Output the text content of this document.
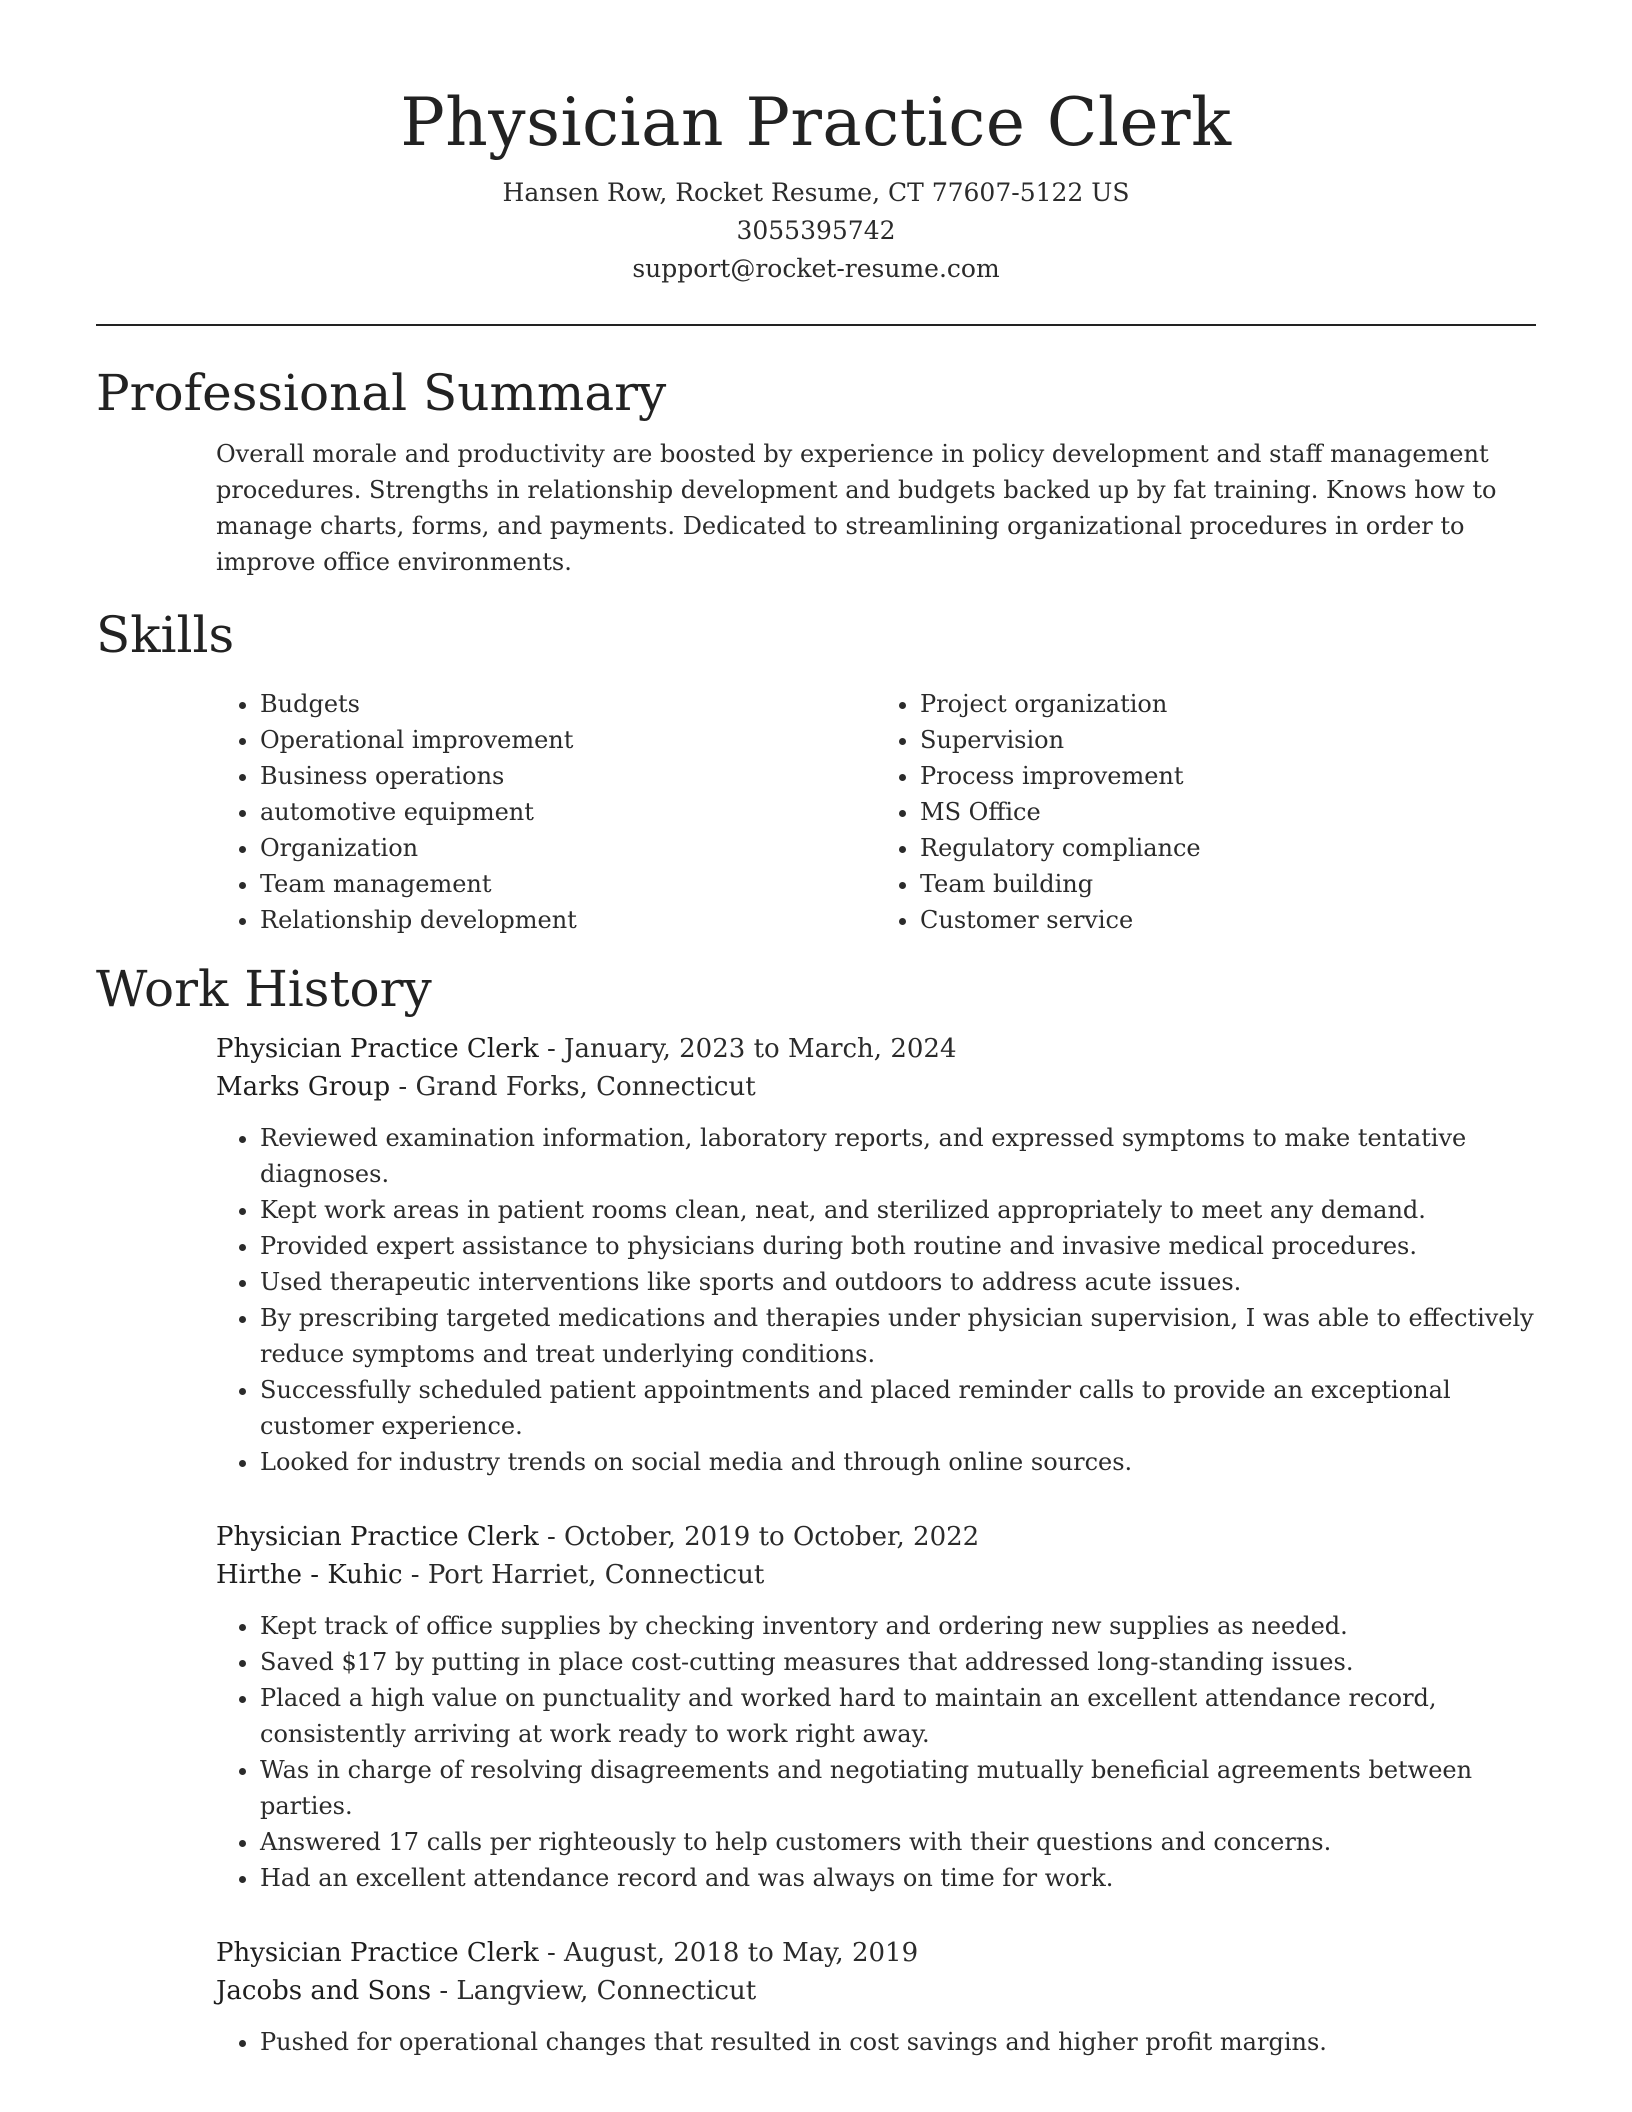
Physician Practice Clerk

Hansen Row, Rocket Resume, CT 77607-5122 US

3055395742

support@rocket-resume.com

Professional Summary

Overall morale and productivity are boosted by experience in policy development and staff management procedures. Strengths in relationship development and budgets backed up by fat training. Knows how to manage charts, forms, and payments. Dedicated to streamlining organizational procedures in order to improve office environments.

Skills
• Budgets
• Operational improvement
• Business operations
• automotive equipment
• Organization
• Team management
• Relationship development
• Project organization
• Supervision
• Process improvement
• MS Office
• Regulatory compliance
• Team building
• Customer service
Work History

Physician Practice Clerk - January, 2023 to March, 2024

Marks Group - Grand Forks, Connecticut

• Reviewed examination information, laboratory reports, and expressed symptoms to make tentative diagnoses.
• Kept work areas in patient rooms clean, neat, and sterilized appropriately to meet any demand.
• Provided expert assistance to physicians during both routine and invasive medical procedures.
• Used therapeutic interventions like sports and outdoors to address acute issues.
• By prescribing targeted medications and therapies under physician supervision, I was able to effectively reduce symptoms and treat underlying conditions.
• Successfully scheduled patient appointments and placed reminder calls to provide an exceptional customer experience.
• Looked for industry trends on social media and through online sources.

Physician Practice Clerk - October, 2019 to October, 2022

Hirthe - Kuhic - Port Harriet, Connecticut

• Kept track of office supplies by checking inventory and ordering new supplies as needed.
• Saved $17 by putting in place cost-cutting measures that addressed long-standing issues.
• Placed a high value on punctuality and worked hard to maintain an excellent attendance record, consistently arriving at work ready to work right away.
• Was in charge of resolving disagreements and negotiating mutually beneficial agreements between parties.
• Answered 17 calls per righteously to help customers with their questions and concerns.
• Had an excellent attendance record and was always on time for work.

Physician Practice Clerk - August, 2018 to May, 2019

Jacobs and Sons - Langview, Connecticut

• Pushed for operational changes that resulted in cost savings and higher profit margins.
